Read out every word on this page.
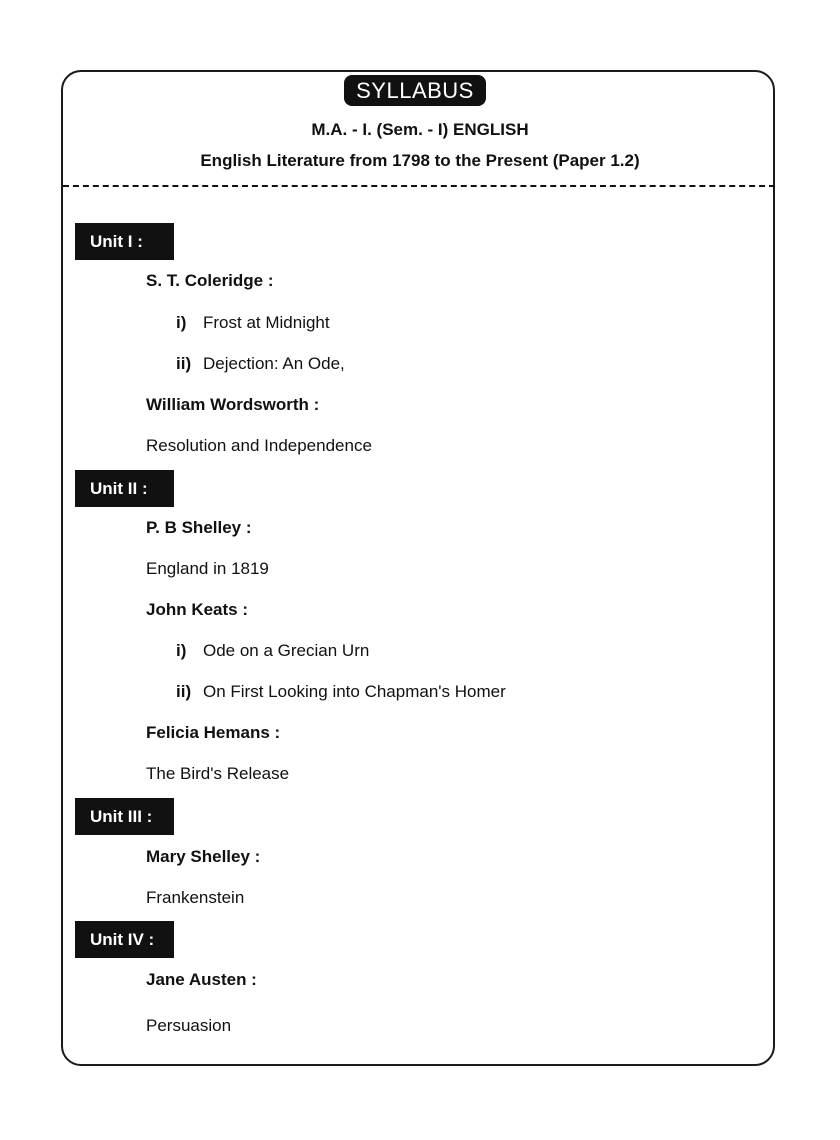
SYLLABUS
M.A. - I. (Sem. - I) ENGLISH
English Literature from 1798 to the Present (Paper 1.2)
Unit I :
S. T. Coleridge :
i) Frost at Midnight
ii) Dejection: An Ode,
William Wordsworth :
Resolution and Independence
Unit II :
P. B Shelley :
England in 1819
John Keats :
i) Ode on a Grecian Urn
ii) On First Looking into Chapman's Homer
Felicia Hemans :
The Bird's Release
Unit III :
Mary Shelley :
Frankenstein
Unit IV :
Jane Austen :
Persuasion
